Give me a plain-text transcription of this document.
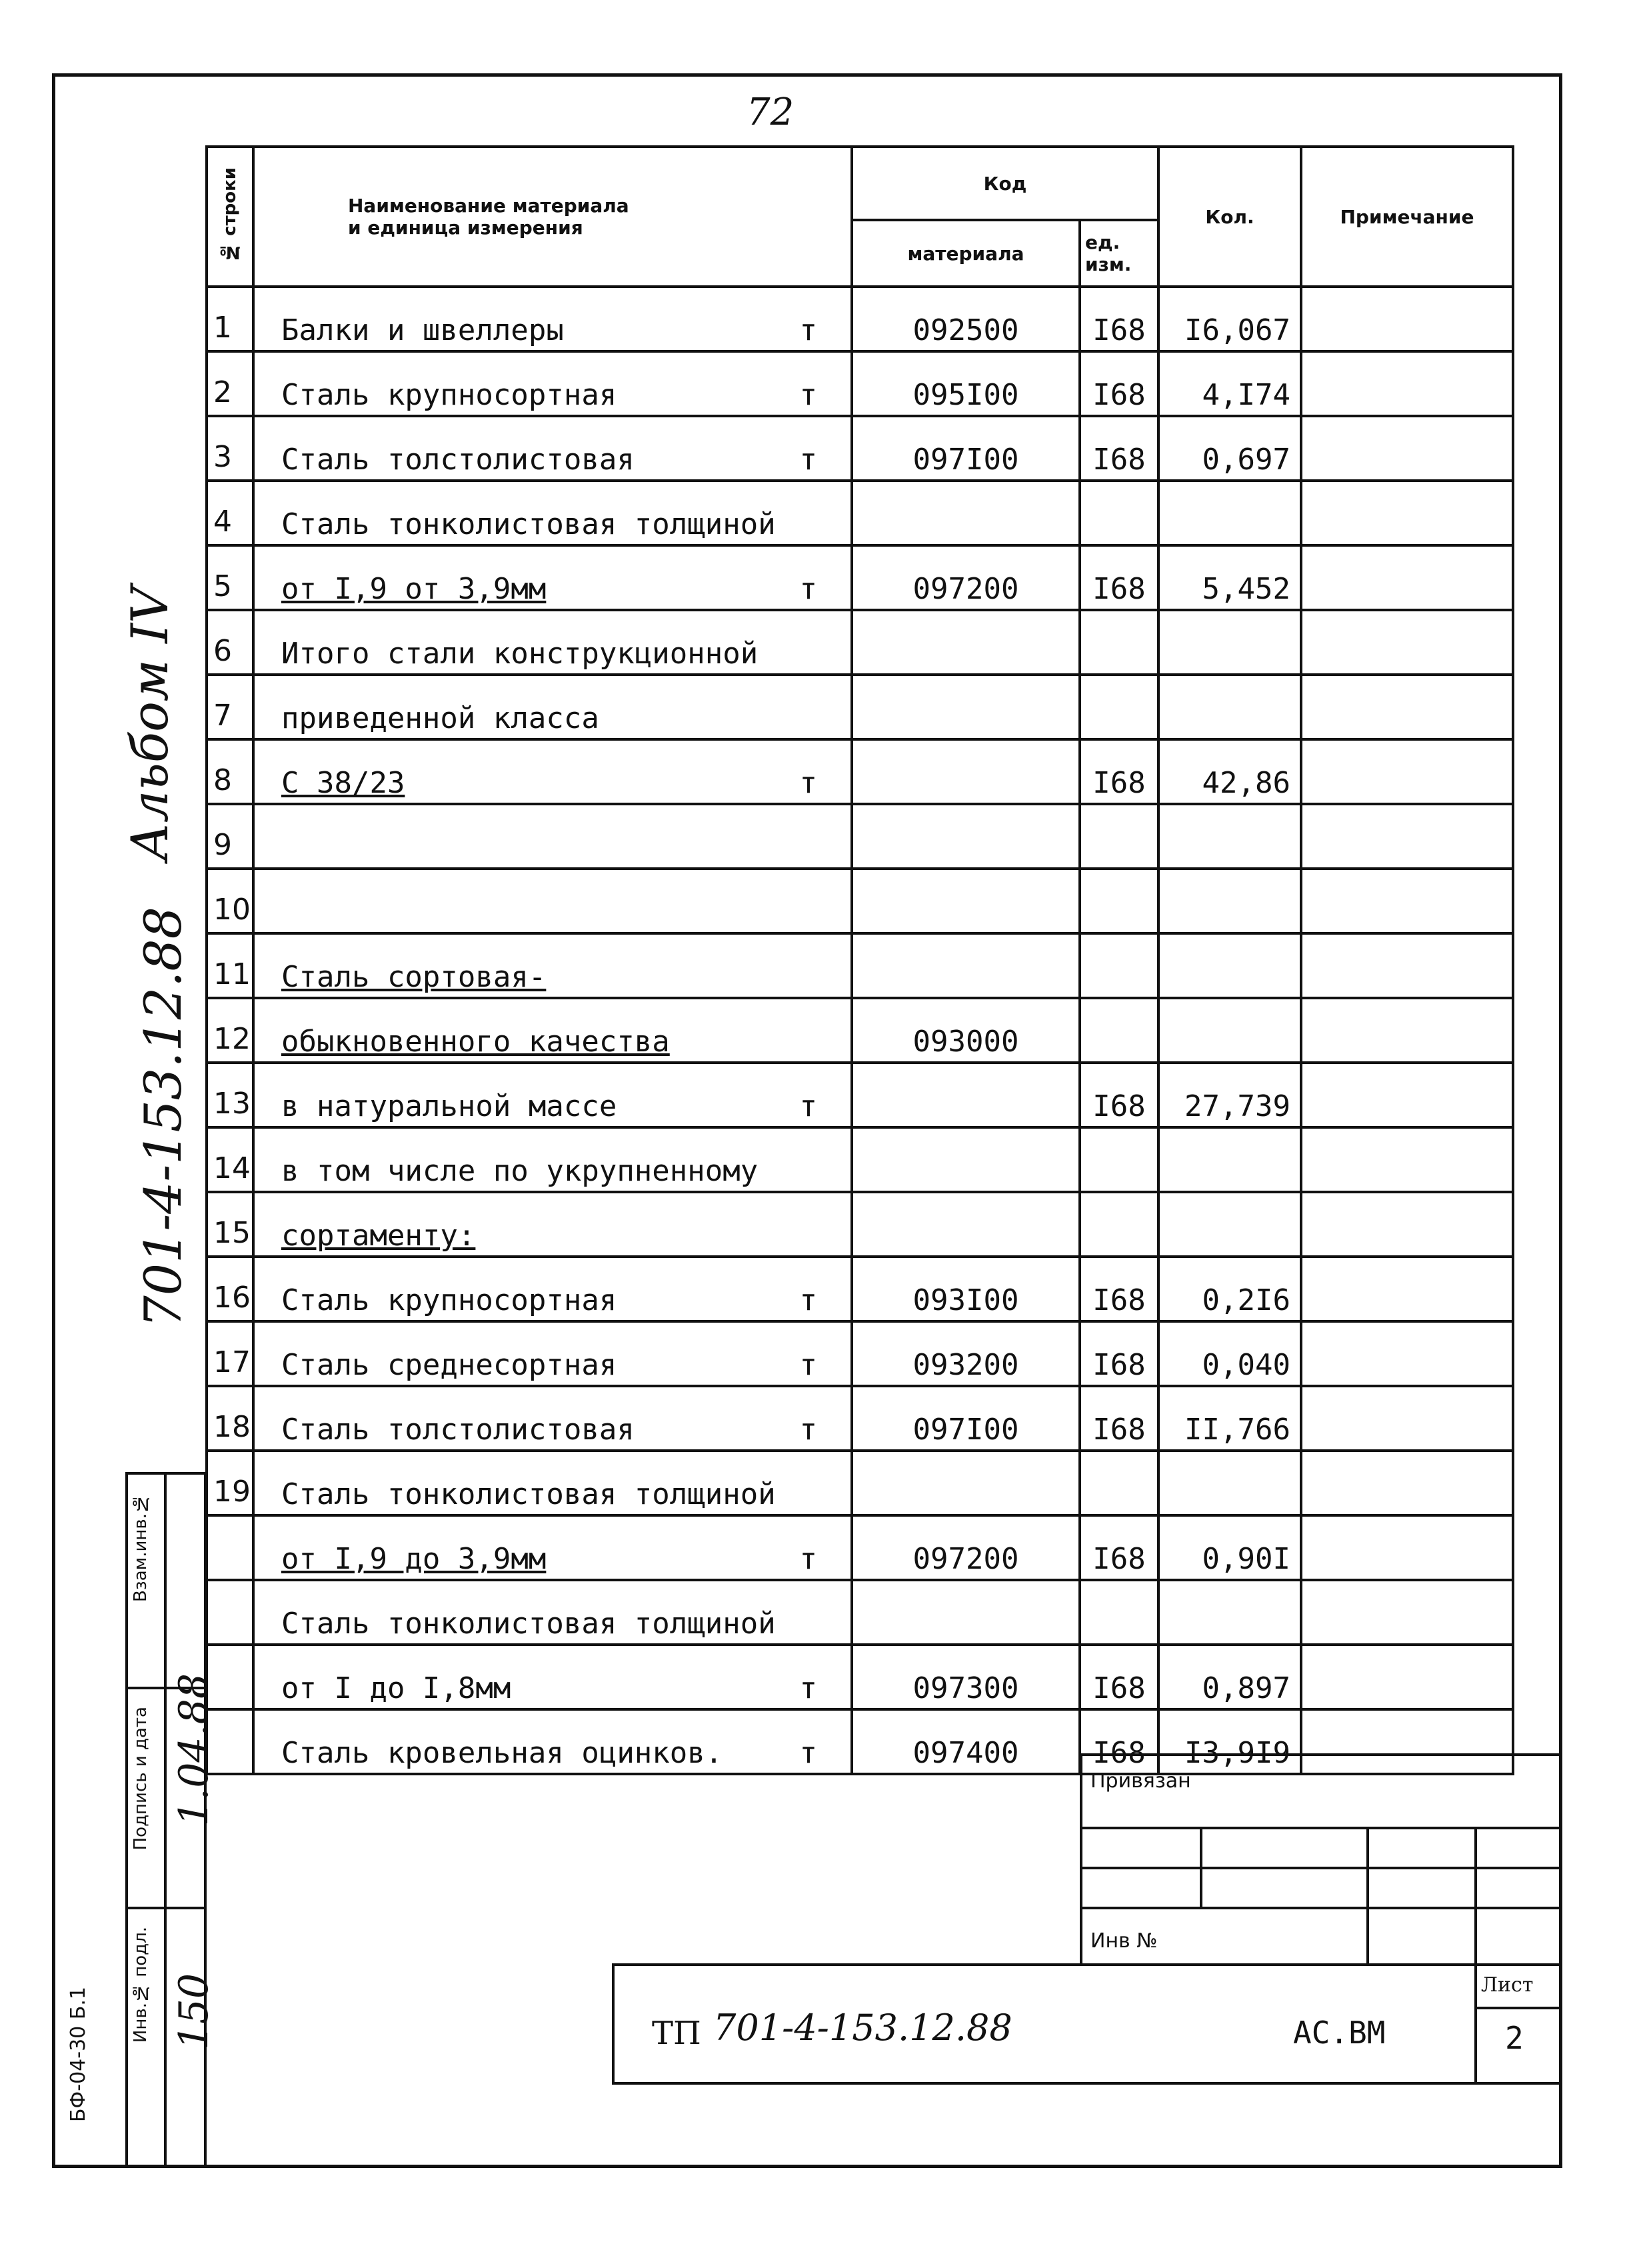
72
№ строки	Наименование материала
и единица измерения	Код		Кол.	Примечание
		материала	ед. изм.		
1	Балки и швеллеры т	092500	I68	I6,067	
2	Сталь крупносортная т	095I00	I68	4,I74	
3	Сталь толстолистовая т	097I00	I68	0,697	
4	Сталь тонколистовая толщиной

5	от I,9 от 3,9мм т	097200	I68	5,452	
6	Итого стали конструкционной

7	приведенной класса

8	С 38/23 т		I68	42,86	
9	

10	

11	Сталь сортовая-

12	обыкновенного качества	093000			
13	в натуральной массе т		I68	27,739	
14	в том числе по укрупненному

15	сортаменту:

16	Сталь крупносортная т	093I00	I68	0,2I6	
17	Сталь среднесортная т	093200	I68	0,040	
18	Сталь толстолистовая т	097I00	I68	II,766	
19	Сталь тонколистовая толщиной

	от I,9 до 3,9мм т	097200	I68	0,90I	
	Сталь тонколистовая толщиной

	от I до I,8мм т	097300	I68	0,897	
	Сталь кровельная оцинков. т	097400	I68	I3,9I9	
Альбом IV
701-4-153.12.88
Взам.инв.№
Подпись и дата
Инв.№ подл.
1.04.88
150
БФ-04-30 Б.1
Привязан
Инв №
ТП 701-4-153.12.88	АС.ВМ
Лист
2
